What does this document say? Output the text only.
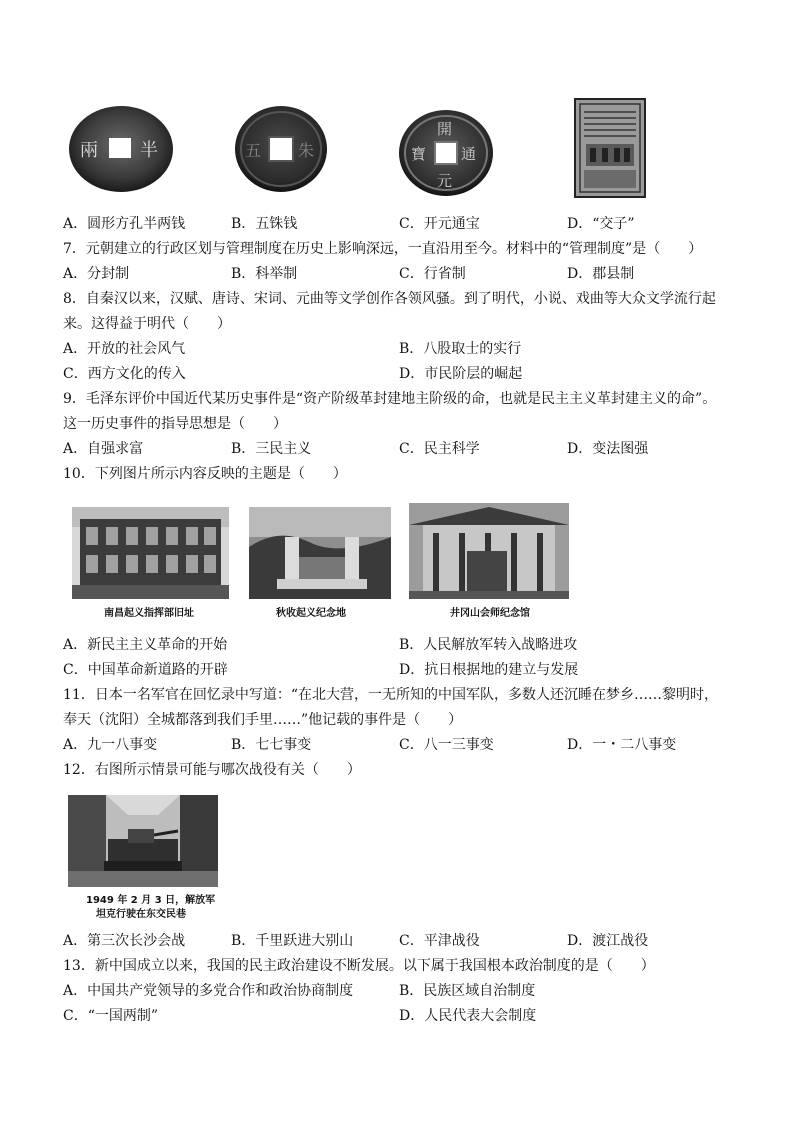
兩 半	五 朱
開
元
通
寶
A．圆形方孔半两钱	B．五铢钱	C．开元通宝	D．“交子”
7．元朝建立的行政区划与管理制度在历史上影响深远，一直沿用至今。材料中的“管理制度”是（　　）
A．分封制	B．科举制	C．行省制	D．郡县制
8．自秦汉以来，汉赋、唐诗、宋词、元曲等文学创作各领风骚。到了明代，小说、戏曲等大众文学流行起
来。这得益于明代（　　）
A．开放的社会风气	B．八股取士的实行
C．西方文化的传入	D．市民阶层的崛起
9．毛泽东评价中国近代某历史事件是“资产阶级革封建地主阶级的命，也就是民主主义革封建主义的命”。
这一历史事件的指导思想是（　　）
A．自强求富	B．三民主义	C．民主科学	D．变法图强
10．下列图片所示内容反映的主题是（　　）
南昌起义指挥部旧址	秋收起义纪念地	井冈山会师纪念馆
A．新民主主义革命的开始	B．人民解放军转入战略进攻
C．中国革命新道路的开辟	D．抗日根据地的建立与发展
11．日本一名军官在回忆录中写道：“在北大营，一无所知的中国军队，多数人还沉睡在梦乡……黎明时，
奉天（沈阳）全城都落到我们手里……”他记载的事件是（　　）
A．九一八事变	B．七七事变	C．八一三事变	D．一・二八事变
12．右图所示情景可能与哪次战役有关（　　）
1949 年 2 月 3 日，解放军
坦克行驶在东交民巷
A．第三次长沙会战	B．千里跃进大别山	C．平津战役	D．渡江战役
13．新中国成立以来，我国的民主政治建设不断发展。以下属于我国根本政治制度的是（　　）
A．中国共产党领导的多党合作和政治协商制度	B．民族区域自治制度
C．“一国两制”	D．人民代表大会制度
